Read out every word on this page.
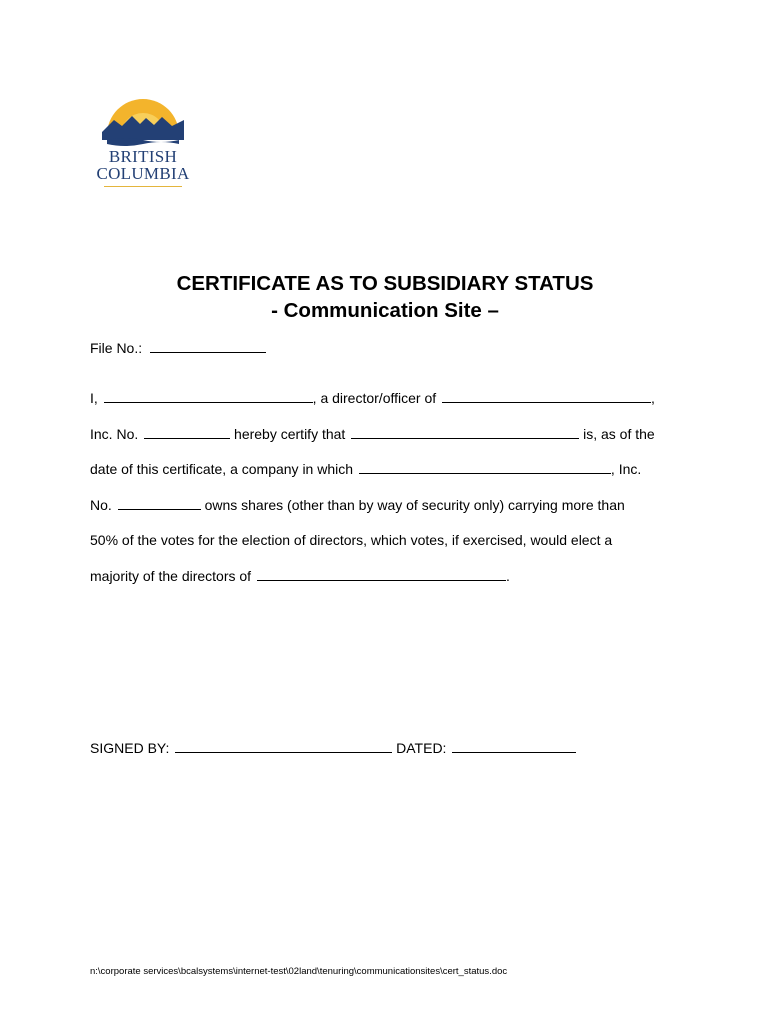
BRITISH
COLUMBIA
CERTIFICATE AS TO SUBSIDIARY STATUS
- Communication Site –
File No.:
I,	, a director/officer of	,
Inc. No.	hereby certify that	is, as of the
date of this certificate, a company in which	, Inc.
No.	owns shares (other than by way of security only) carrying more than
50% of the votes for the election of directors, which votes, if exercised, would elect a
majority of the directors of	.
SIGNED BY:	DATED:
n:\corporate services\bcalsystems\internet-test\02land\tenuring\communicationsites\cert_status.doc
